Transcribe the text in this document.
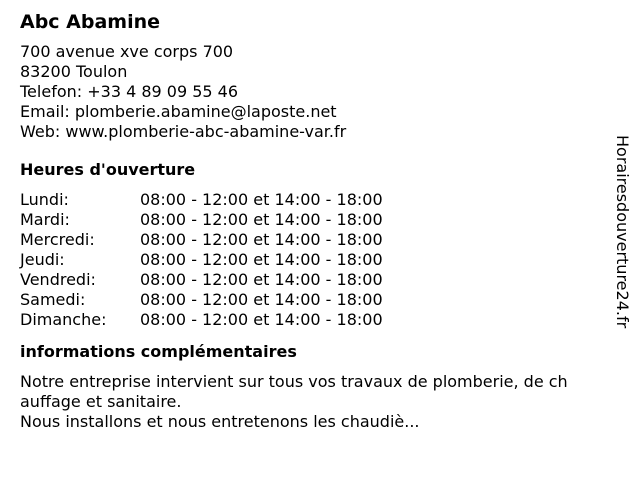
Abc Abamine
700 avenue xve corps 700
83200 Toulon
Telefon: +33 4 89 09 55 46
Email: plomberie.abamine@laposte.net
Web: www.plomberie-abc-abamine-var.fr
Heures d'ouverture
Lundi:	08:00 - 12:00 et 14:00 - 18:00
Mardi:	08:00 - 12:00 et 14:00 - 18:00
Mercredi:	08:00 - 12:00 et 14:00 - 18:00
Jeudi:	08:00 - 12:00 et 14:00 - 18:00
Vendredi:	08:00 - 12:00 et 14:00 - 18:00
Samedi:	08:00 - 12:00 et 14:00 - 18:00
Dimanche:	08:00 - 12:00 et 14:00 - 18:00
informations complémentaires
Notre entreprise intervient sur tous vos travaux de plomberie, de ch
auffage et sanitaire.
Nous installons et nous entretenons les chaudiè...
Horairesdouverture24.fr
